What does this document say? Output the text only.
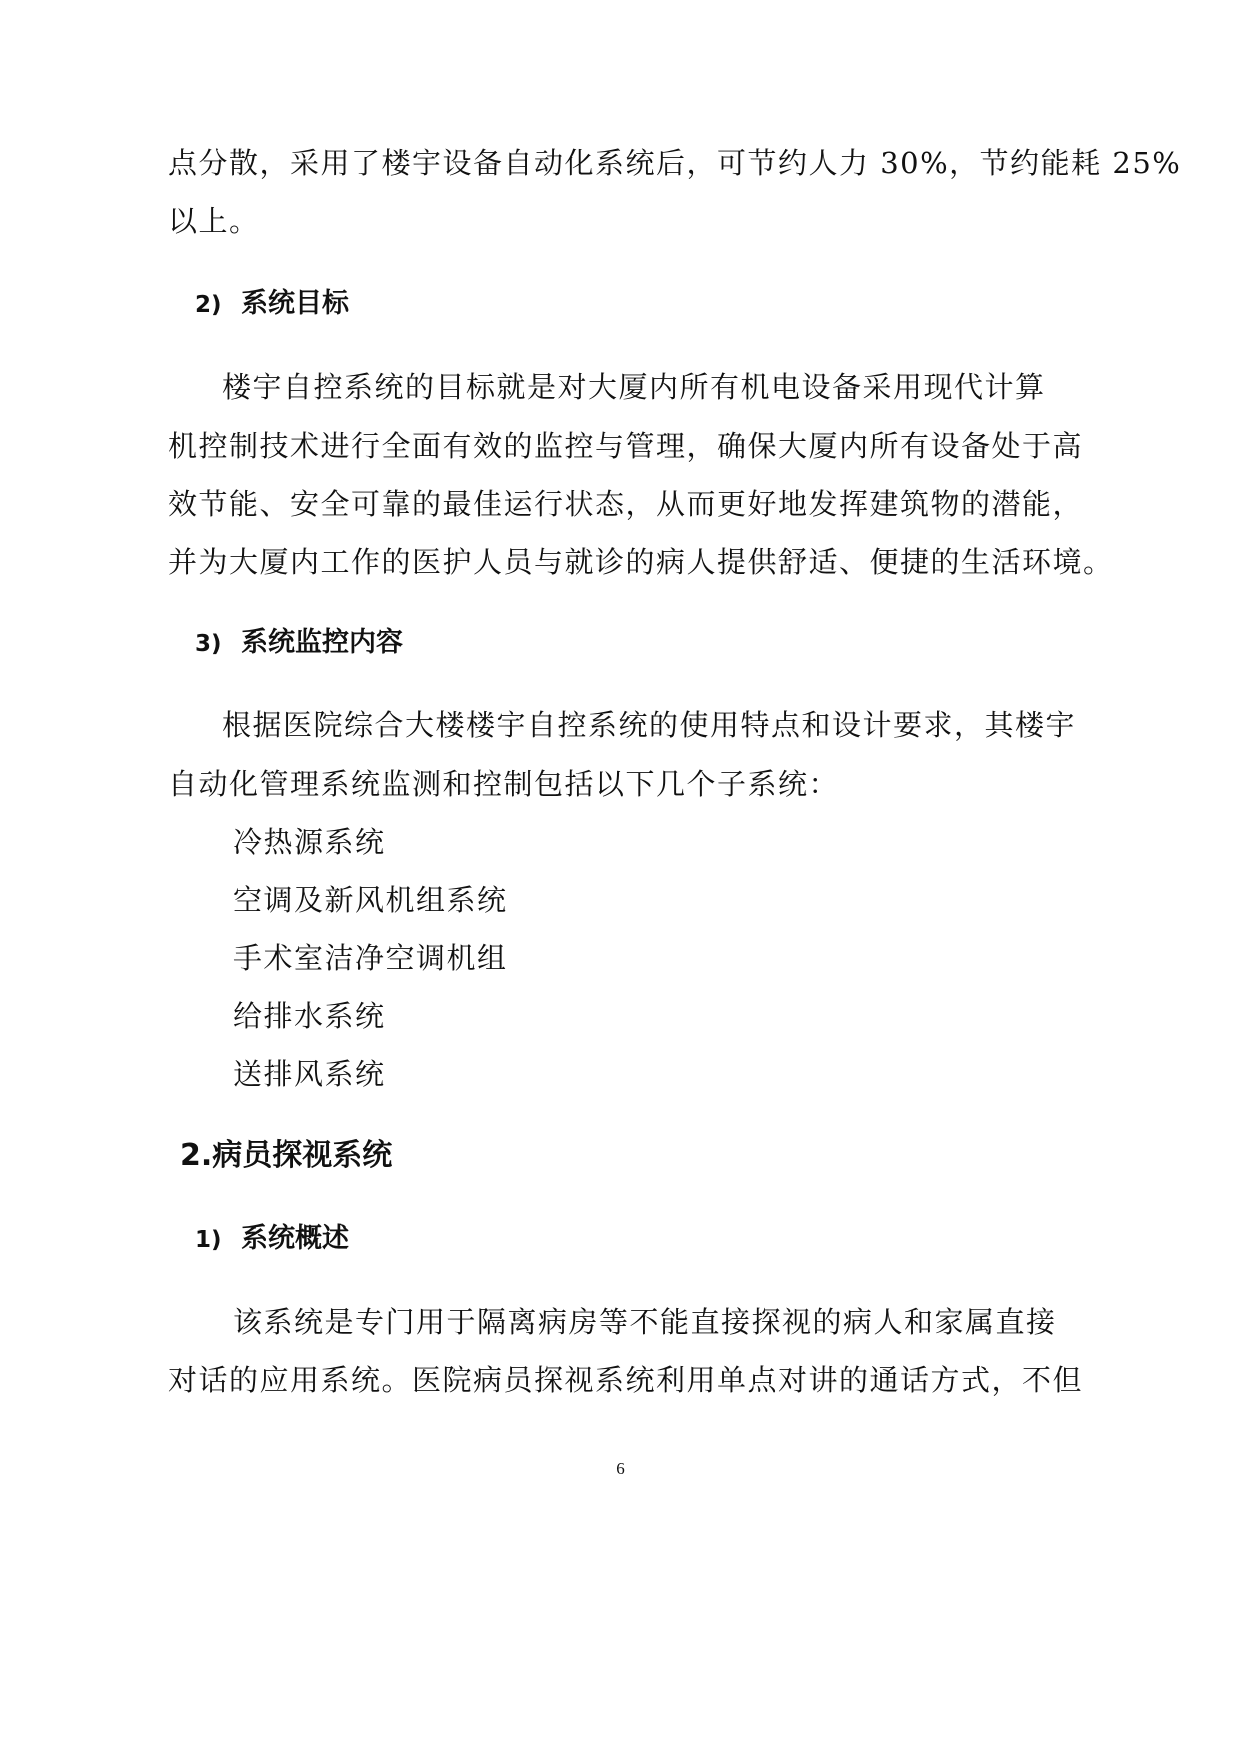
点分散，采用了楼宇设备自动化系统后，可节约人力 30%，节约能耗 25%
以上。
2) 系统目标
楼宇自控系统的目标就是对大厦内所有机电设备采用现代计算
机控制技术进行全面有效的监控与管理，确保大厦内所有设备处于高
效节能、安全可靠的最佳运行状态，从而更好地发挥建筑物的潜能，
并为大厦内工作的医护人员与就诊的病人提供舒适、便捷的生活环境。
3) 系统监控内容
根据医院综合大楼楼宇自控系统的使用特点和设计要求，其楼宇
自动化管理系统监测和控制包括以下几个子系统：
冷热源系统
空调及新风机组系统
手术室洁净空调机组
给排水系统
送排风系统
2.病员探视系统
1) 系统概述
该系统是专门用于隔离病房等不能直接探视的病人和家属直接
对话的应用系统。医院病员探视系统利用单点对讲的通话方式，不但
6
